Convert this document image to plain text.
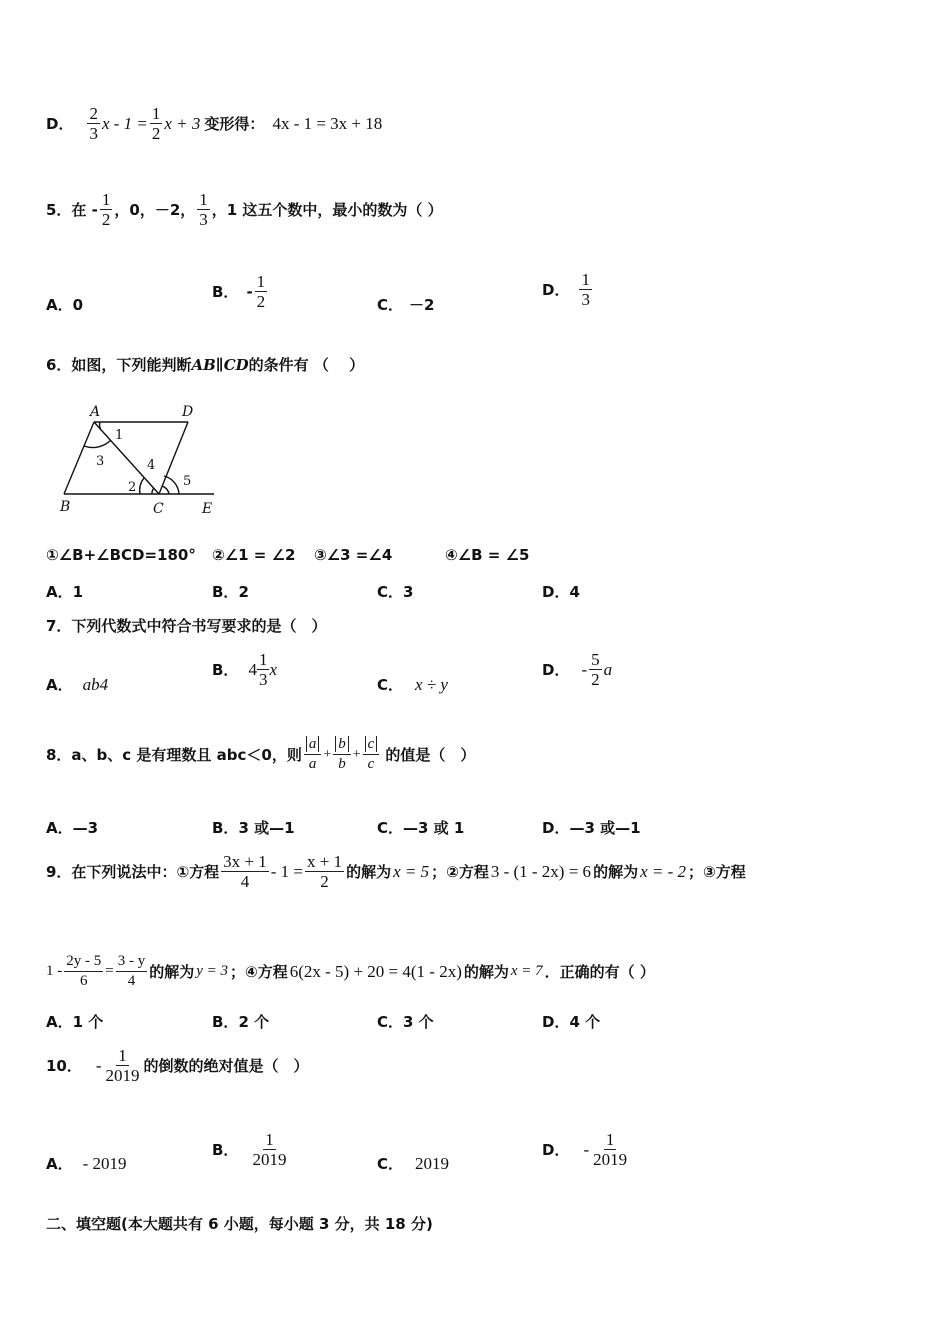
D． $\frac{2}{3}$ $x - 1 = \frac{1}{2}$ x + 3 变形得： 4x - 1 = 3x + 18
5．在 - $\frac{1}{2}$ ，0，－2， $\frac{1}{3}$ ，1 这五个数中，最小的数为（ ）
A． 0
B． - $\frac{1}{2}$	C． －2
D． $\frac{1}{3}$
6．如图，下列能判断 AB∥CD 的条件有 （　 ）
A	D
B	C	E
1
2
3	4
5
①∠B+∠BCD=180° ②∠1 = ∠2 ③∠3 =∠4	④∠B = ∠5
A． 1	B． 2	C． 3	D． 4
7．下列代数式中符合书写要求的是（　）
A． ab4
B． $4 \frac{1}{3}$ x
C． x ÷ y
D． - $\frac{5}{2}$ a
8．a、b、c 是有理数且 abc＜0，则 $\frac{a}{a} + \frac{b}{b} + \frac{c}{c}$ 的值是（　）
A． —3	B． 3 或—1	C． —3 或 1	D． —3 或—1
9．在下列说法中：①方程 $\frac{3x + 1}{4} - 1 = \frac{x + 1}{2}$ 的解为 x = 5 ；②方程 3 - (1 - 2x) = 6 的解为 x = - 2 ；③方程
$1 - \frac{2y - 5}{6} = \frac{3 - y}{4}$ 的解为 y = 3 ；④方程 6(2x - 5) + 20 = 4(1 - 2x) 的解为 x = 7 ．正确的有（ ）
A． 1 个	B． 2 个	C． 3 个	D． 4 个
10． - $\frac{1}{2019}$ 的倒数的绝对值是（　）
A． - 2019
B． $\frac{1}{2019}$	C． 2019
D． - $\frac{1}{2019}$
二、填空题(本大题共有 6 小题，每小题 3 分，共 18 分)
